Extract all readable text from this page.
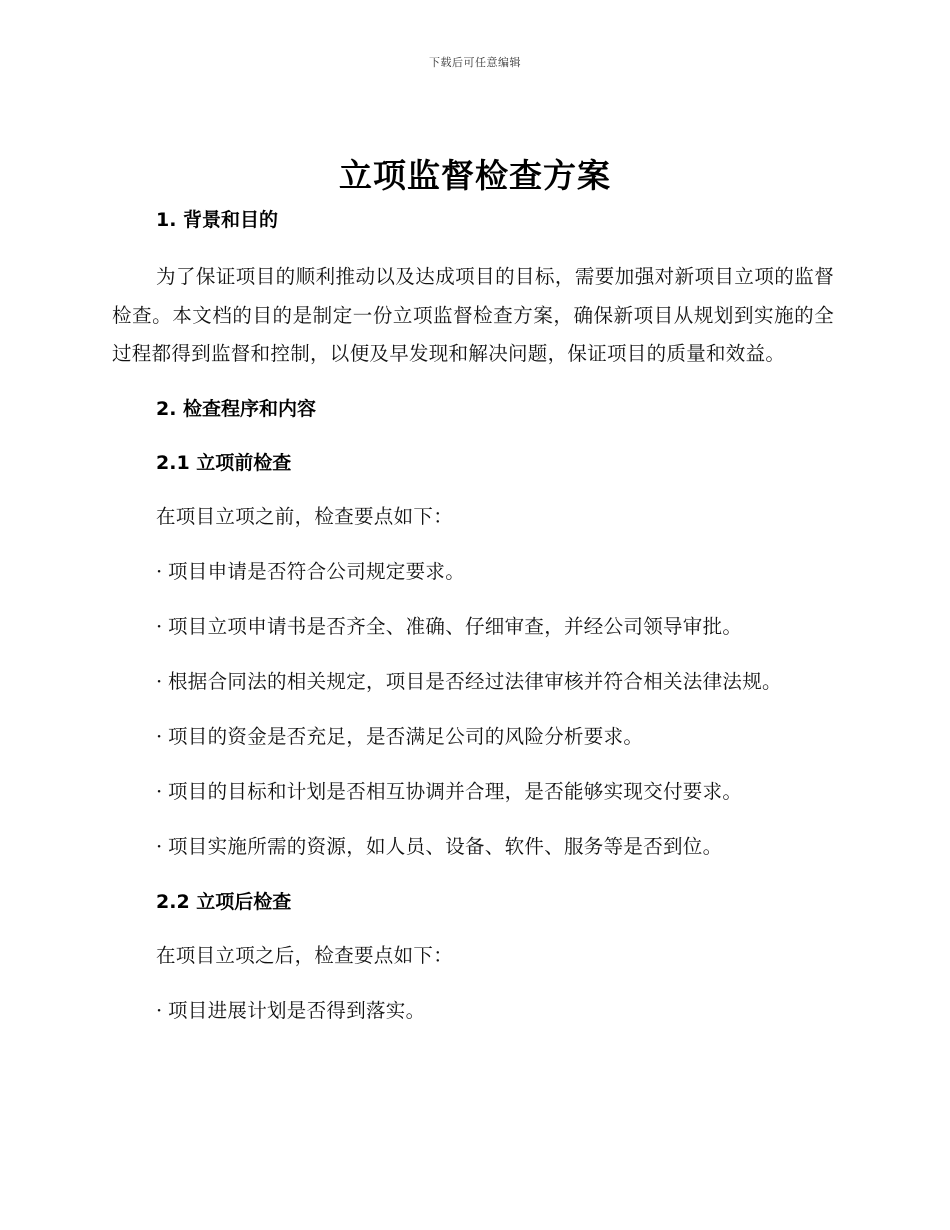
下载后可任意编辑
立项监督检查方案
1. 背景和目的

为了保证项目的顺利推动以及达成项目的目标，需要加强对新项目立项的监督检查。本文档的目的是制定一份立项监督检查方案，确保新项目从规划到实施的全过程都得到监督和控制，以便及早发现和解决问题，保证项目的质量和效益。

2. 检查程序和内容
2.1 立项前检查

在项目立项之前，检查要点如下：

· 项目申请是否符合公司规定要求。

· 项目立项申请书是否齐全、准确、仔细审查，并经公司领导审批。

· 根据合同法的相关规定，项目是否经过法律审核并符合相关法律法规。

· 项目的资金是否充足，是否满足公司的风险分析要求。

· 项目的目标和计划是否相互协调并合理，是否能够实现交付要求。

· 项目实施所需的资源，如人员、设备、软件、服务等是否到位。

2.2 立项后检查

在项目立项之后，检查要点如下：

· 项目进展计划是否得到落实。
